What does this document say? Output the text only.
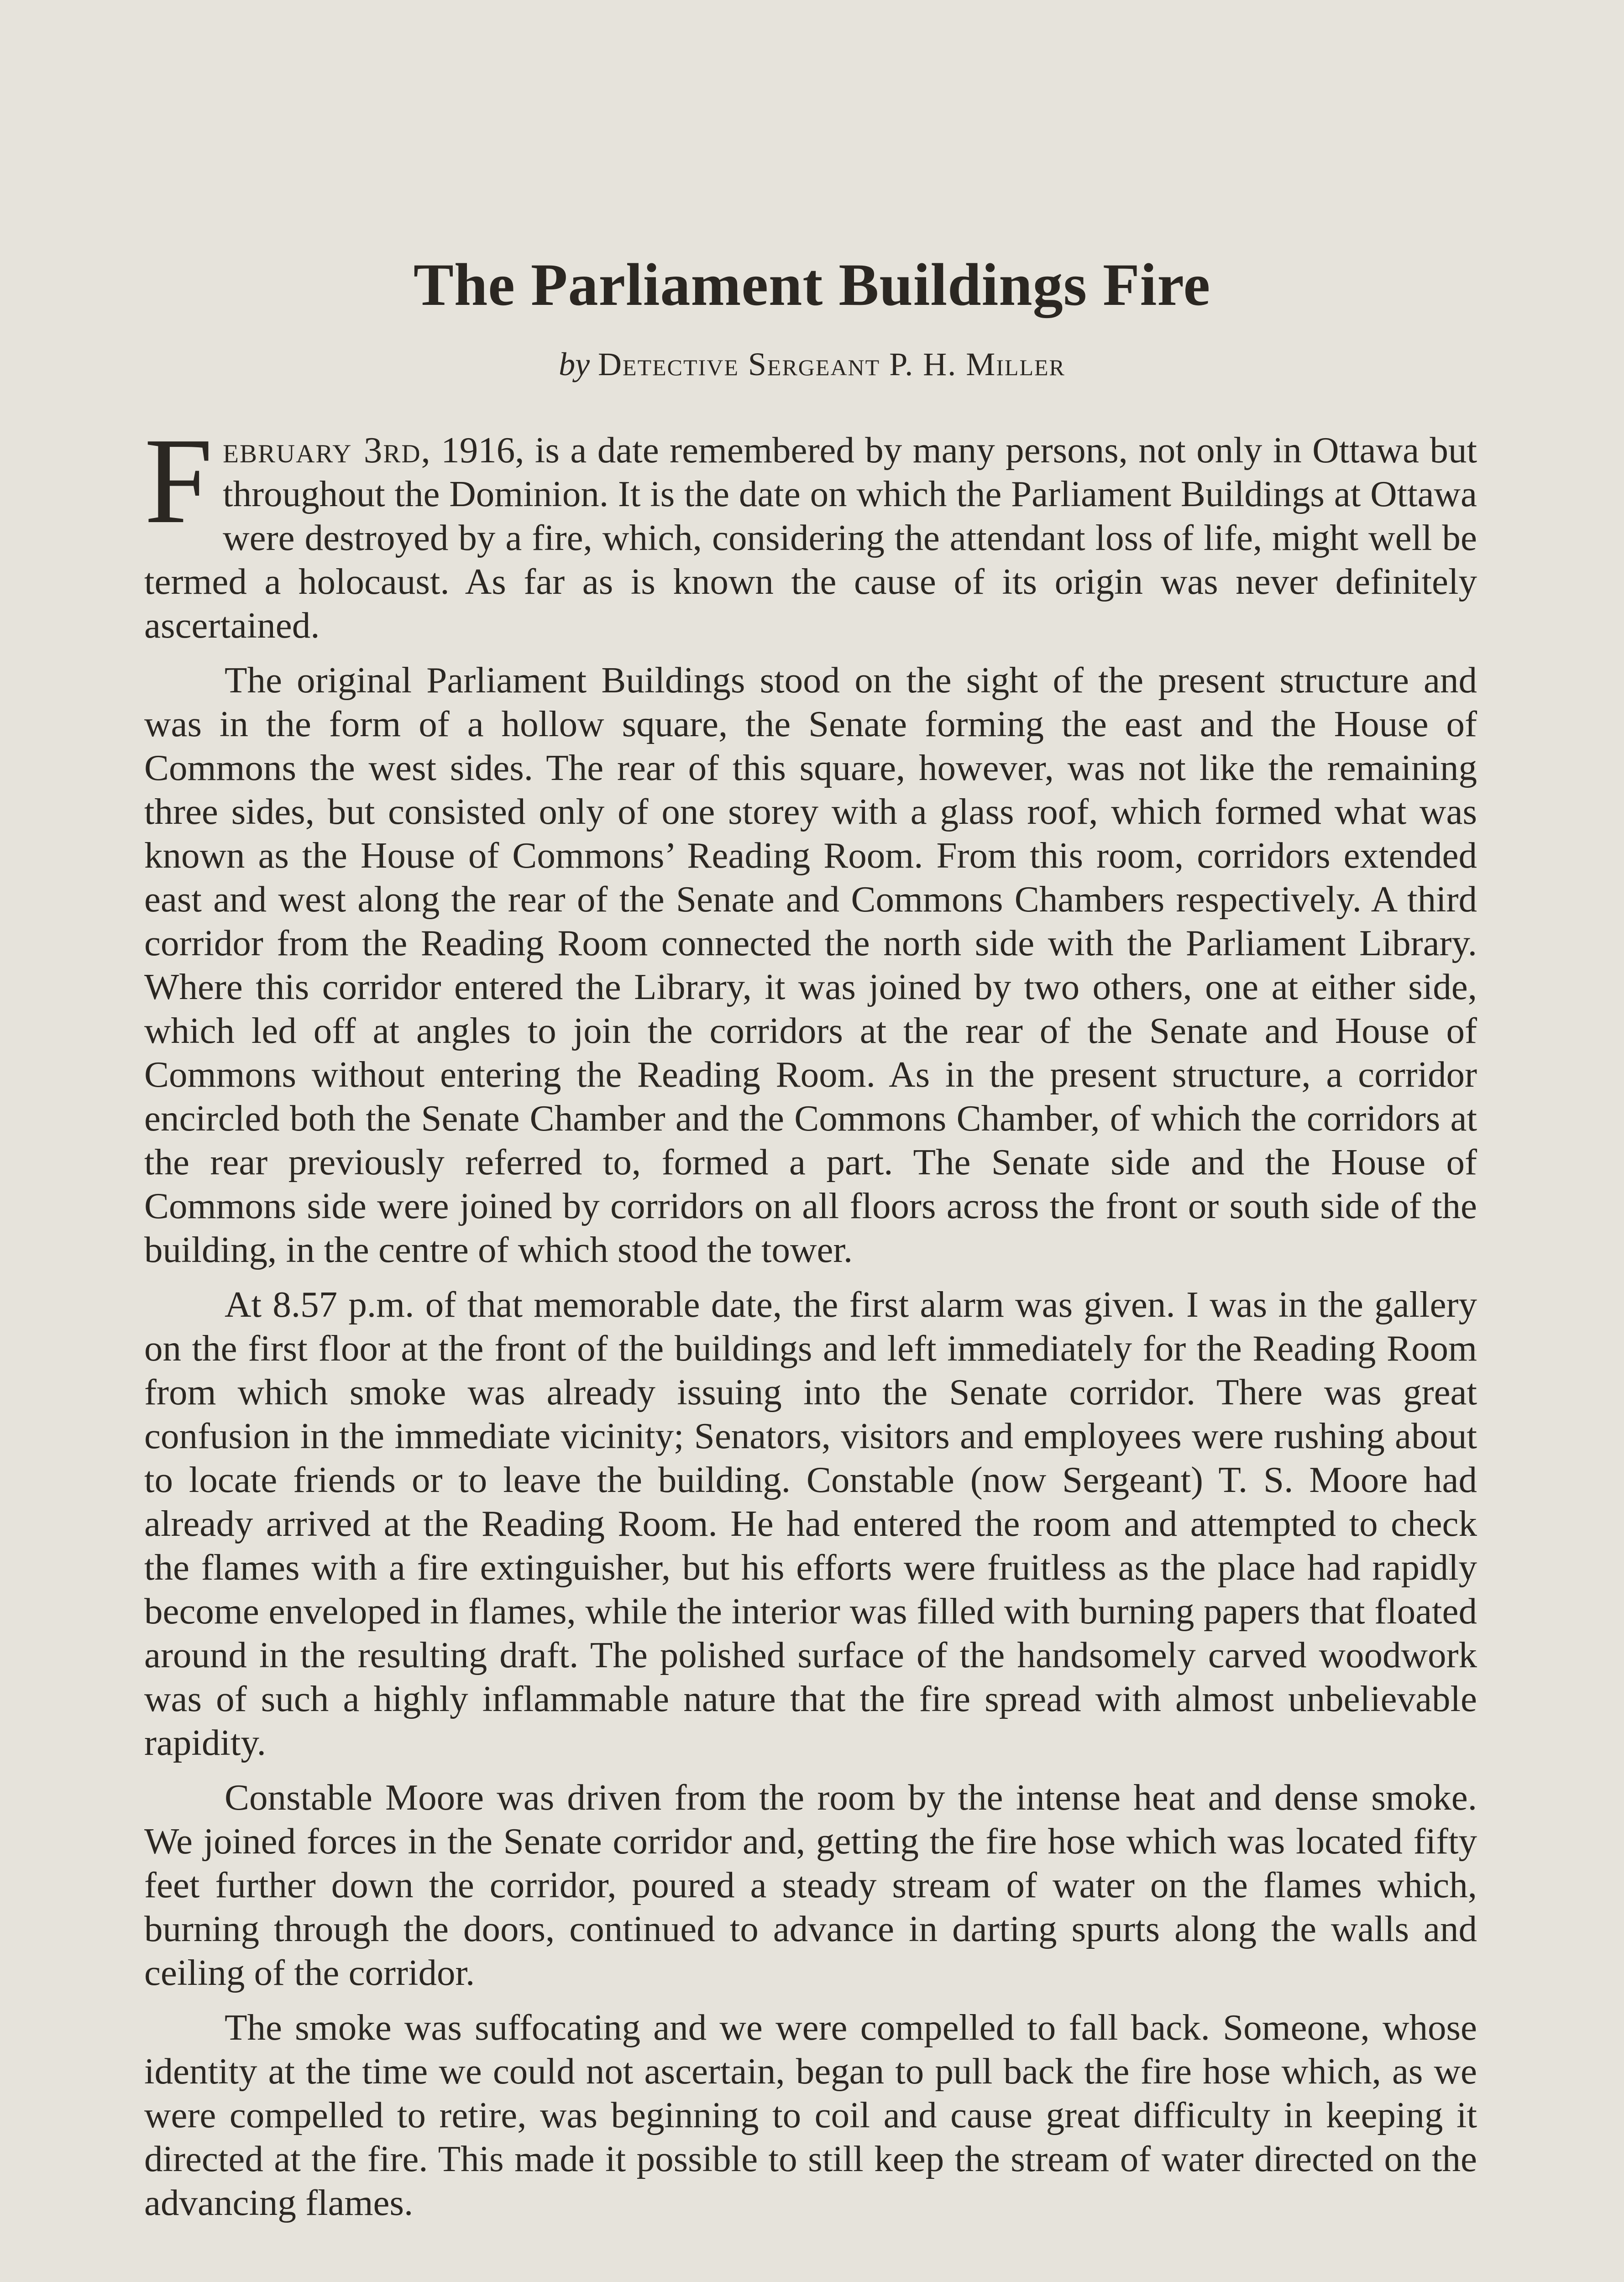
The Parliament Buildings Fire
by Detective Sergeant P. H. Miller

February 3rd, 1916, is a date remembered by many persons, not only in Ottawa but throughout the Dominion. It is the date on which the Parliament Buildings at Ottawa were destroyed by a fire, which, considering the attendant loss of life, might well be termed a holocaust. As far as is known the cause of its origin was never definitely ascertained.

The original Parliament Buildings stood on the sight of the present structure and was in the form of a hollow square, the Senate forming the east and the House of Commons the west sides. The rear of this square, however, was not like the remaining three sides, but consisted only of one storey with a glass roof, which formed what was known as the House of Commons’ Reading Room. From this room, corridors extended east and west along the rear of the Senate and Commons Chambers respectively. A third corridor from the Reading Room connected the north side with the Parliament Library. Where this corridor entered the Library, it was joined by two others, one at either side, which led off at angles to join the corridors at the rear of the Senate and House of Commons without entering the Reading Room. As in the present structure, a corridor encircled both the Senate Chamber and the Commons Chamber, of which the corridors at the rear previously referred to, formed a part. The Senate side and the House of Commons side were joined by corridors on all floors across the front or south side of the building, in the centre of which stood the tower.

At 8.57 p.m. of that memorable date, the first alarm was given. I was in the gallery on the first floor at the front of the buildings and left immediately for the Reading Room from which smoke was already issuing into the Senate corridor. There was great confusion in the immediate vicinity; Senators, visitors and employees were rushing about to locate friends or to leave the building. Constable (now Sergeant) T. S. Moore had already arrived at the Reading Room. He had entered the room and attempted to check the flames with a fire extinguisher, but his efforts were fruitless as the place had rapidly become enveloped in flames, while the interior was filled with burning papers that floated around in the resulting draft. The polished surface of the handsomely carved woodwork was of such a highly inflammable nature that the fire spread with almost unbelievable rapidity.

Constable Moore was driven from the room by the intense heat and dense smoke. We joined forces in the Senate corridor and, getting the fire hose which was located fifty feet further down the corridor, poured a steady stream of water on the flames which, burning through the doors, continued to advance in darting spurts along the walls and ceiling of the corridor.

The smoke was suffocating and we were compelled to fall back. Someone, whose identity at the time we could not ascertain, began to pull back the fire hose which, as we were compelled to retire, was beginning to coil and cause great difficulty in keeping it directed at the fire. This made it possible to still keep the stream of water directed on the advancing flames.
